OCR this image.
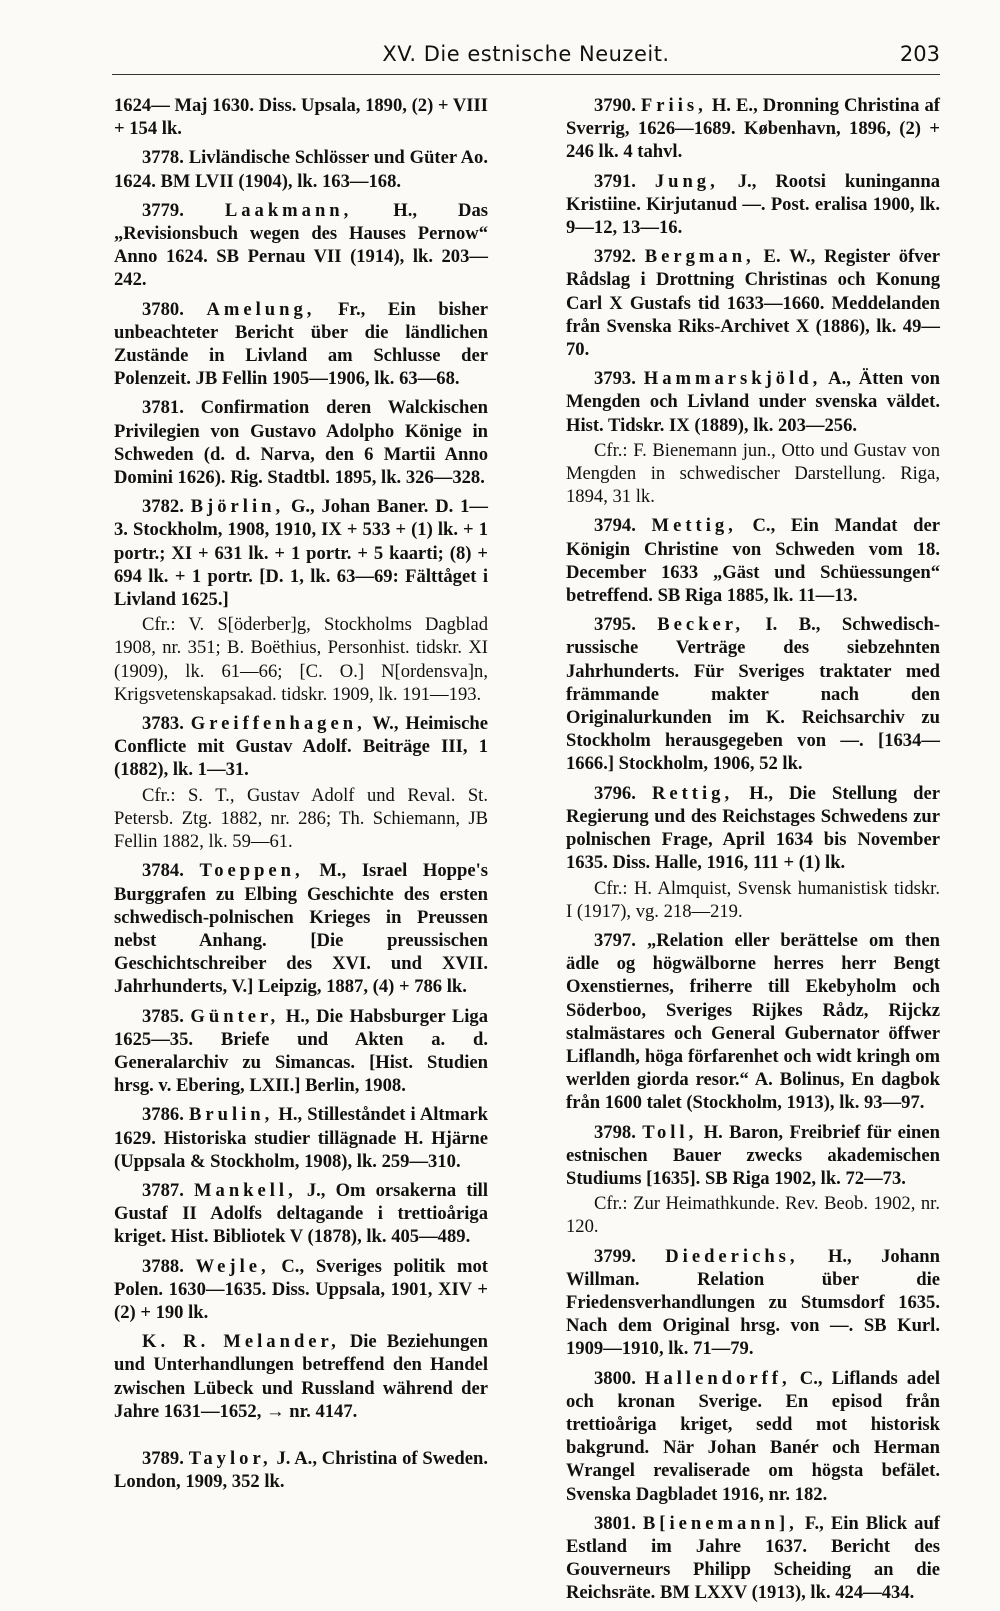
XV. Die estnische Neuzeit.	203

1624— Maj 1630. Diss. Upsala, 1890, (2) + VIII + 154 lk.

3778. Livländische Schlösser und Güter Ao. 1624. BM LVII (1904), lk. 163—168.

3779. Laakmann, H., Das „Revisionsbuch wegen des Hauses Pernow“ Anno 1624. SB Pernau VII (1914), lk. 203—242.

3780. Amelung, Fr., Ein bisher unbeachteter Bericht über die ländlichen Zustände in Livland am Schlusse der Polenzeit. JB Fellin 1905—1906, lk. 63—68.

3781. Confirmation deren Walckischen Privilegien von Gustavo Adolpho Könige in Schweden (d. d. Narva, den 6 Martii Anno Domini 1626). Rig. Stadtbl. 1895, lk. 326—328.

3782. Björlin, G., Johan Baner. D. 1—3. Stockholm, 1908, 1910, IX + 533 + (1) lk. + 1 portr.; XI + 631 lk. + 1 portr. + 5 kaarti; (8) + 694 lk. + 1 portr. [D. 1, lk. 63—69: Fälttåget i Livland 1625.]

Cfr.: V. S[öderber]g, Stockholms Dagblad 1908, nr. 351; B. Boëthius, Personhist. tidskr. XI (1909), lk. 61—66; [C. O.] N[ordensva]n, Krigsvetenskapsakad. tidskr. 1909, lk. 191—193.

3783. Greiffenhagen, W., Heimische Conflicte mit Gustav Adolf. Beiträge III, 1 (1882), lk. 1—31.

Cfr.: S. T., Gustav Adolf und Reval. St. Petersb. Ztg. 1882, nr. 286; Th. Schiemann, JB Fellin 1882, lk. 59—61.

3784. Toeppen, M., Israel Hoppe's Burggrafen zu Elbing Geschichte des ersten schwedisch-polnischen Krieges in Preussen nebst Anhang. [Die preussischen Geschichtschreiber des XVI. und XVII. Jahrhunderts, V.] Leipzig, 1887, (4) + 786 lk.

3785. Günter, H., Die Habsburger Liga 1625—35. Briefe und Akten a. d. Generalarchiv zu Simancas. [Hist. Studien hrsg. v. Ebering, LXII.] Berlin, 1908.

3786. Brulin, H., Stilleståndet i Altmark 1629. Historiska studier tillägnade H. Hjärne (Uppsala & Stockholm, 1908), lk. 259—310.

3787. Mankell, J., Om orsakerna till Gustaf II Adolfs deltagande i trettioåriga kriget. Hist. Bibliotek V (1878), lk. 405—489.

3788. Wejle, C., Sveriges politik mot Polen. 1630—1635. Diss. Uppsala, 1901, XIV + (2) + 190 lk.

K. R. Melander, Die Beziehungen und Unterhandlungen betreffend den Handel zwischen Lübeck und Russland während der Jahre 1631—1652, → nr. 4147.

3789. Taylor, J. A., Christina of Sweden. London, 1909, 352 lk.

3790. Friis, H. E., Dronning Christina af Sverrig, 1626—1689. København, 1896, (2) + 246 lk. 4 tahvl.

3791. Jung, J., Rootsi kuninganna Kristiine. Kirjutanud —. Post. eralisa 1900, lk. 9—12, 13—16.

3792. Bergman, E. W., Register öfver Rådslag i Drottning Christinas och Konung Carl X Gustafs tid 1633—1660. Meddelanden från Svenska Riks-Archivet X (1886), lk. 49—70.

3793. Hammarskjöld, A., Ätten von Mengden och Livland under svenska väldet. Hist. Tidskr. IX (1889), lk. 203—256.

Cfr.: F. Bienemann jun., Otto und Gustav von Mengden in schwedischer Darstellung. Riga, 1894, 31 lk.

3794. Mettig, C., Ein Mandat der Königin Christine von Schweden vom 18. December 1633 „Gäst und Schüessungen“ betreffend. SB Riga 1885, lk. 11—13.

3795. Becker, I. B., Schwedisch-russische Verträge des siebzehnten Jahrhunderts. Für Sveriges traktater med främmande makter nach den Originalurkunden im K. Reichsarchiv zu Stockholm herausgegeben von —. [1634—1666.] Stockholm, 1906, 52 lk.

3796. Rettig, H., Die Stellung der Regierung und des Reichstages Schwedens zur polnischen Frage, April 1634 bis November 1635. Diss. Halle, 1916, 111 + (1) lk.

Cfr.: H. Almquist, Svensk humanistisk tidskr. I (1917), vg. 218—219.

3797. „Relation eller berättelse om then ädle og högwälborne herres herr Bengt Oxenstiernes, friherre till Ekebyholm och Söderboo, Sveriges Rijkes Rådz, Rijckz stalmästares och General Gubernator öffwer Liflandh, höga förfarenhet och widt kringh om werlden giorda resor.“ A. Bolinus, En dagbok från 1600 talet (Stockholm, 1913), lk. 93—97.

3798. Toll, H. Baron, Freibrief für einen estnischen Bauer zwecks akademischen Studiums [1635]. SB Riga 1902, lk. 72—73.

Cfr.: Zur Heimathkunde. Rev. Beob. 1902, nr. 120.

3799. Diederichs, H., Johann Willman. Relation über die Friedensverhandlungen zu Stumsdorf 1635. Nach dem Original hrsg. von —. SB Kurl. 1909—1910, lk. 71—79.

3800. Hallendorff, C., Liflands adel och kronan Sverige. En episod från trettioåriga kriget, sedd mot historisk bakgrund. När Johan Banér och Herman Wrangel revaliserade om högsta befälet. Svenska Dagbladet 1916, nr. 182.

3801. B[ienemann], F., Ein Blick auf Estland im Jahre 1637. Bericht des Gouverneurs Philipp Scheiding an die Reichsräte. BM LXXV (1913), lk. 424—434.
